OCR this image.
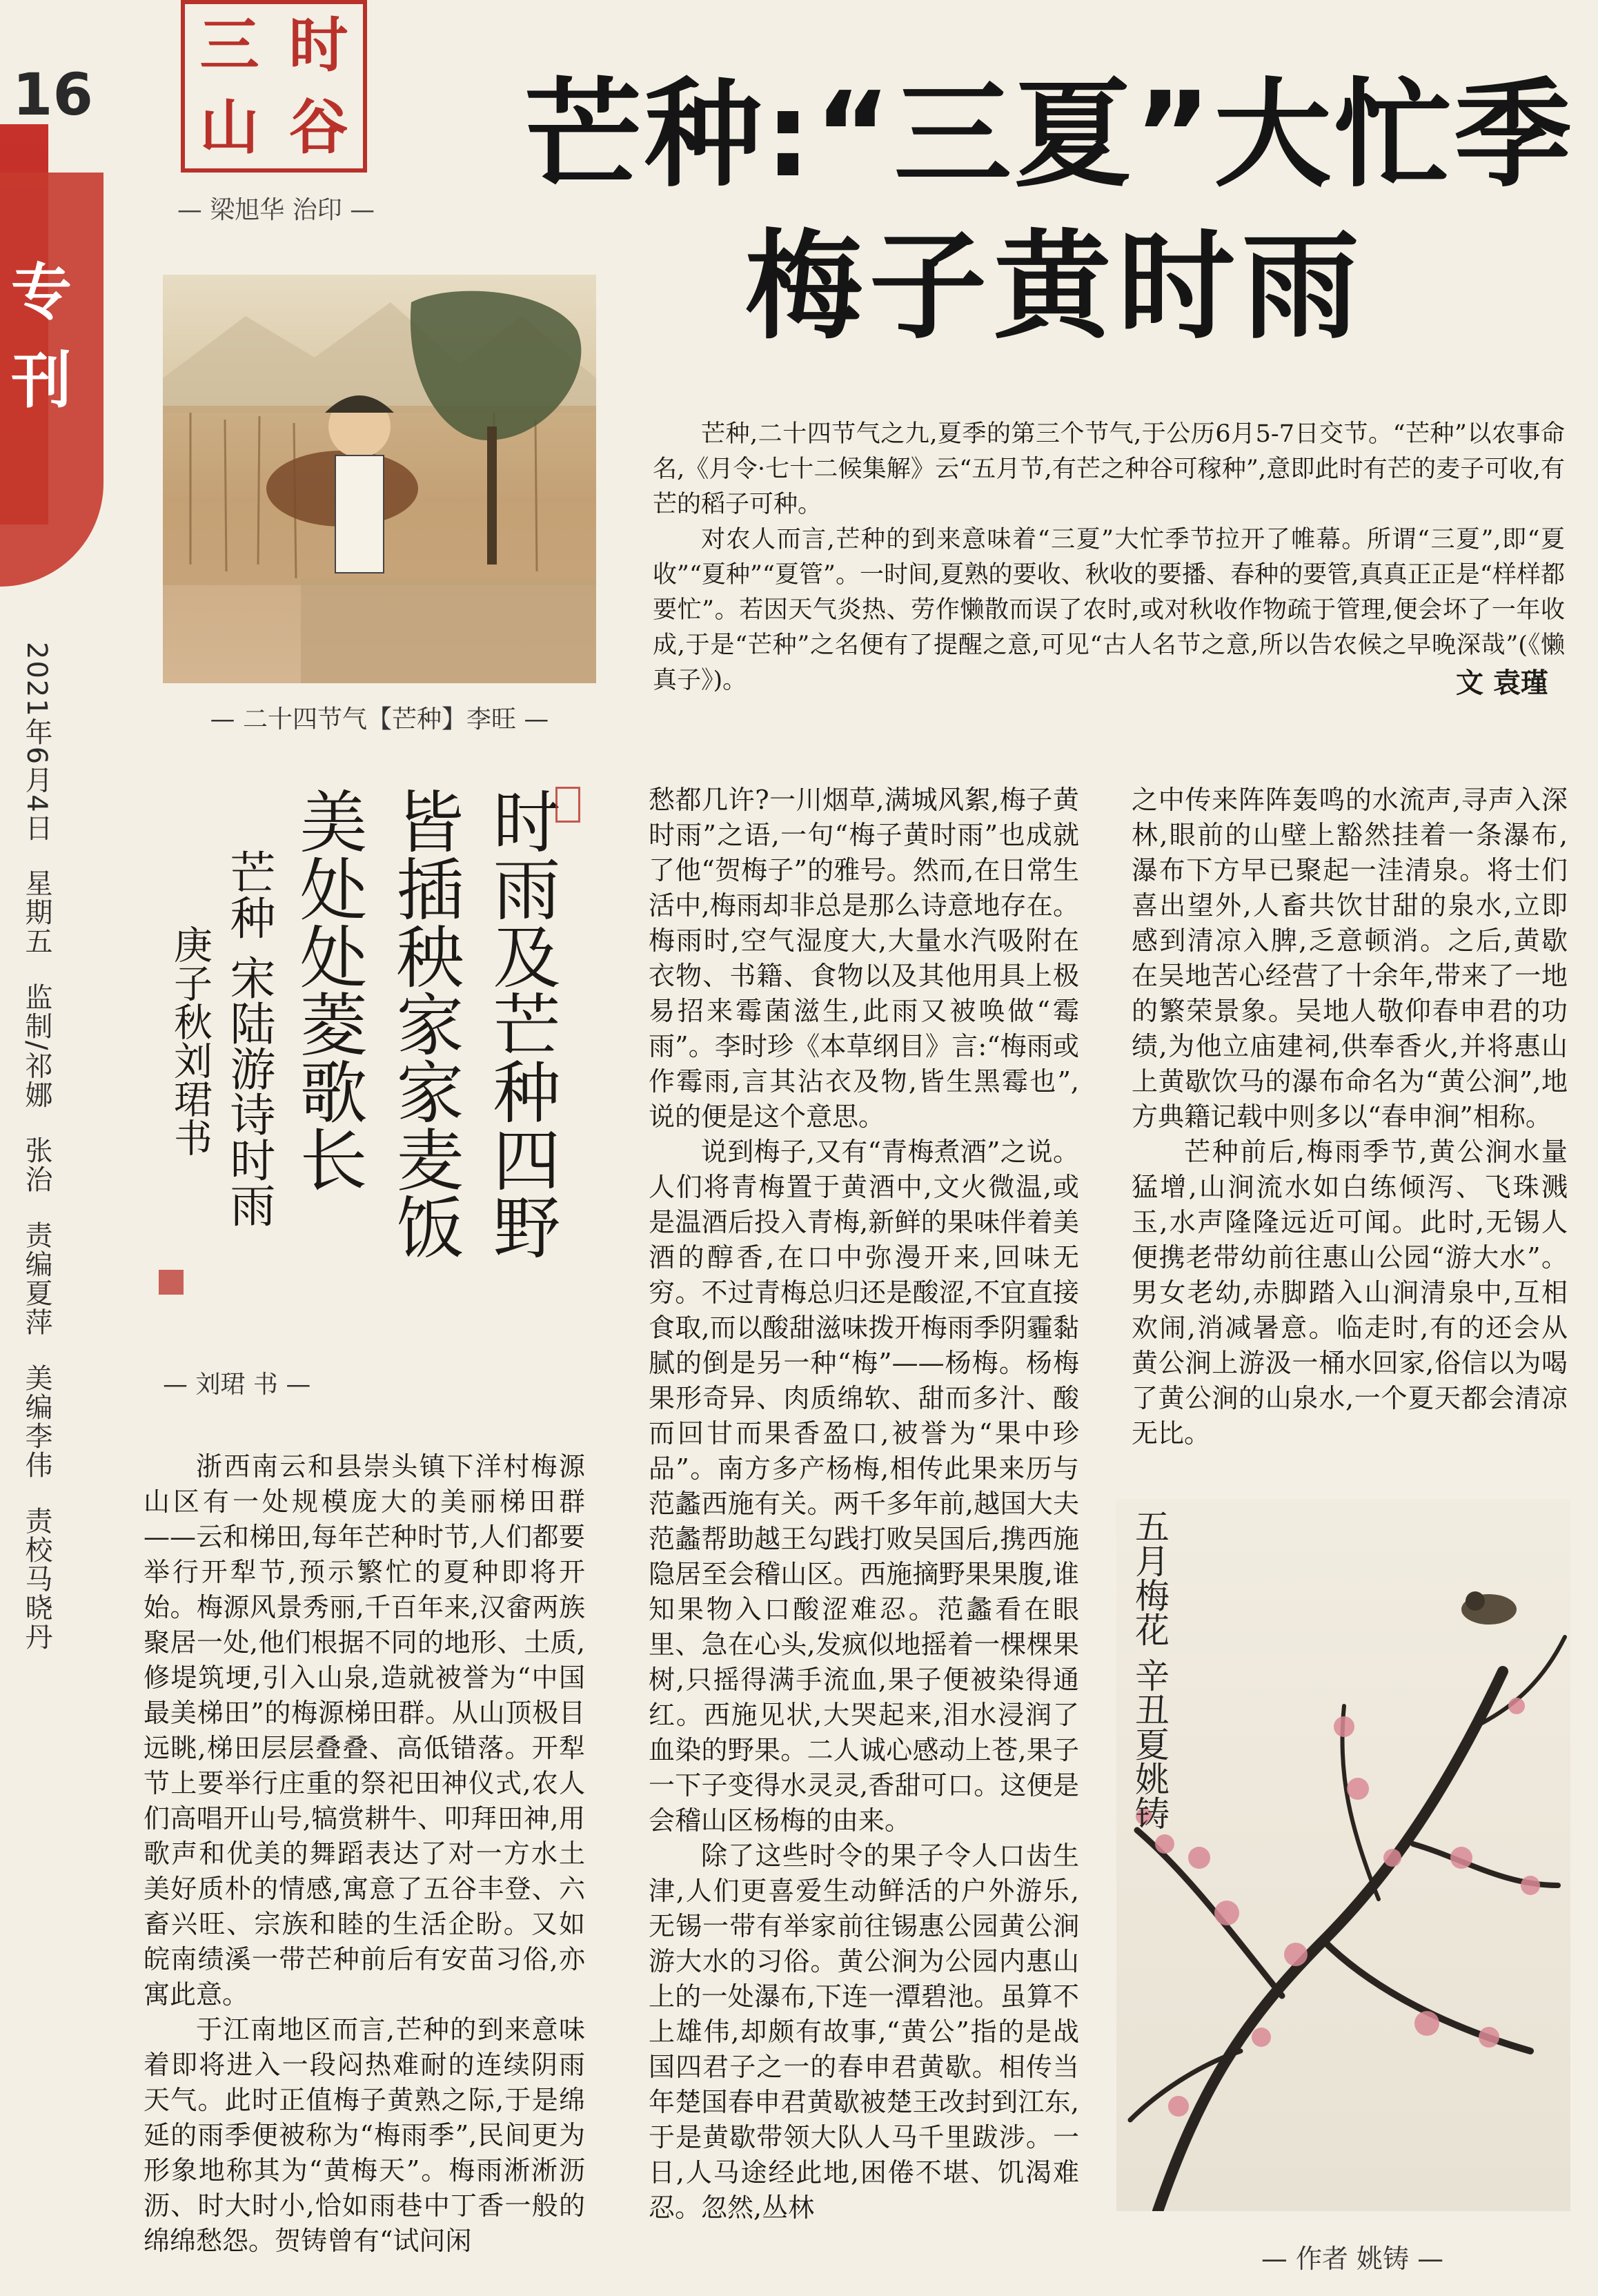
16
专
刊
2021年6月4日 星期五 监制/祁娜 张治 责编夏萍 美编李伟 责校马晓丹
三 时
山 谷
— 梁旭华 治印 —
芒种:“三夏”大忙季
梅子黄时雨
— 二十四节气【芒种】李旺 —

芒种,二十四节气之九,夏季的第三个节气,于公历6月5-7日交节。“芒种”以农事命名,《月令·七十二候集解》云“五月节,有芒之种谷可稼种”,意即此时有芒的麦子可收,有芒的稻子可种。

对农人而言,芒种的到来意味着“三夏”大忙季节拉开了帷幕。所谓“三夏”,即“夏收”“夏种”“夏管”。一时间,夏熟的要收、秋收的要播、春种的要管,真真正正是“样样都要忙”。若因天气炎热、劳作懒散而误了农时,或对秋收作物疏于管理,便会坏了一年收成,于是“芒种”之名便有了提醒之意,可见“古人名节之意,所以告农候之早晚深哉”(《懒真子》)。	文 袁瑾
时雨及芒种四野
皆插秧家家麦饭
美处处菱歌长
芒种 宋陆游诗时雨
庚子秋刘珺书
— 刘珺 书 —

浙西南云和县崇头镇下洋村梅源山区有一处规模庞大的美丽梯田群——云和梯田,每年芒种时节,人们都要举行开犁节,预示繁忙的夏种即将开始。梅源风景秀丽,千百年来,汉畲两族聚居一处,他们根据不同的地形、土质,修堤筑埂,引入山泉,造就被誉为“中国最美梯田”的梅源梯田群。从山顶极目远眺,梯田层层叠叠、高低错落。开犁节上要举行庄重的祭祀田神仪式,农人们高唱开山号,犒赏耕牛、叩拜田神,用歌声和优美的舞蹈表达了对一方水土美好质朴的情感,寓意了五谷丰登、六畜兴旺、宗族和睦的生活企盼。又如皖南绩溪一带芒种前后有安苗习俗,亦寓此意。

于江南地区而言,芒种的到来意味着即将进入一段闷热难耐的连续阴雨天气。此时正值梅子黄熟之际,于是绵延的雨季便被称为“梅雨季”,民间更为形象地称其为“黄梅天”。梅雨淅淅沥沥、时大时小,恰如雨巷中丁香一般的绵绵愁怨。贺铸曾有“试问闲

愁都几许?一川烟草,满城风絮,梅子黄时雨”之语,一句“梅子黄时雨”也成就了他“贺梅子”的雅号。然而,在日常生活中,梅雨却非总是那么诗意地存在。梅雨时,空气湿度大,大量水汽吸附在衣物、书籍、食物以及其他用具上极易招来霉菌滋生,此雨又被唤做“霉雨”。李时珍《本草纲目》言:“梅雨或作霉雨,言其沾衣及物,皆生黑霉也”,说的便是这个意思。

说到梅子,又有“青梅煮酒”之说。人们将青梅置于黄酒中,文火微温,或是温酒后投入青梅,新鲜的果味伴着美酒的醇香,在口中弥漫开来,回味无穷。不过青梅总归还是酸涩,不宜直接食取,而以酸甜滋味拨开梅雨季阴霾黏腻的倒是另一种“梅”——杨梅。杨梅果形奇异、肉质绵软、甜而多汁、酸而回甘而果香盈口,被誉为“果中珍品”。南方多产杨梅,相传此果来历与范蠡西施有关。两千多年前,越国大夫范蠡帮助越王勾践打败吴国后,携西施隐居至会稽山区。西施摘野果果腹,谁知果物入口酸涩难忍。范蠡看在眼里、急在心头,发疯似地摇着一棵棵果树,只摇得满手流血,果子便被染得通红。西施见状,大哭起来,泪水浸润了血染的野果。二人诚心感动上苍,果子一下子变得水灵灵,香甜可口。这便是会稽山区杨梅的由来。

除了这些时令的果子令人口齿生津,人们更喜爱生动鲜活的户外游乐,无锡一带有举家前往锡惠公园黄公涧游大水的习俗。黄公涧为公园内惠山上的一处瀑布,下连一潭碧池。虽算不上雄伟,却颇有故事,“黄公”指的是战国四君子之一的春申君黄歇。相传当年楚国春申君黄歇被楚王改封到江东,于是黄歇带领大队人马千里跋涉。一日,人马途经此地,困倦不堪、饥渴难忍。忽然,丛林

之中传来阵阵轰鸣的水流声,寻声入深林,眼前的山壁上豁然挂着一条瀑布,瀑布下方早已聚起一洼清泉。将士们喜出望外,人畜共饮甘甜的泉水,立即感到清凉入脾,乏意顿消。之后,黄歇在吴地苦心经营了十余年,带来了一地的繁荣景象。吴地人敬仰春申君的功绩,为他立庙建祠,供奉香火,并将惠山上黄歇饮马的瀑布命名为“黄公涧”,地方典籍记载中则多以“春申涧”相称。

芒种前后,梅雨季节,黄公涧水量猛增,山涧流水如白练倾泻、飞珠溅玉,水声隆隆远近可闻。此时,无锡人便携老带幼前往惠山公园“游大水”。男女老幼,赤脚踏入山涧清泉中,互相欢闹,消减暑意。临走时,有的还会从黄公涧上游汲一桶水回家,俗信以为喝了黄公涧的山泉水,一个夏天都会清凉无比。

五月梅花 辛丑夏姚铸
— 作者 姚铸 —
